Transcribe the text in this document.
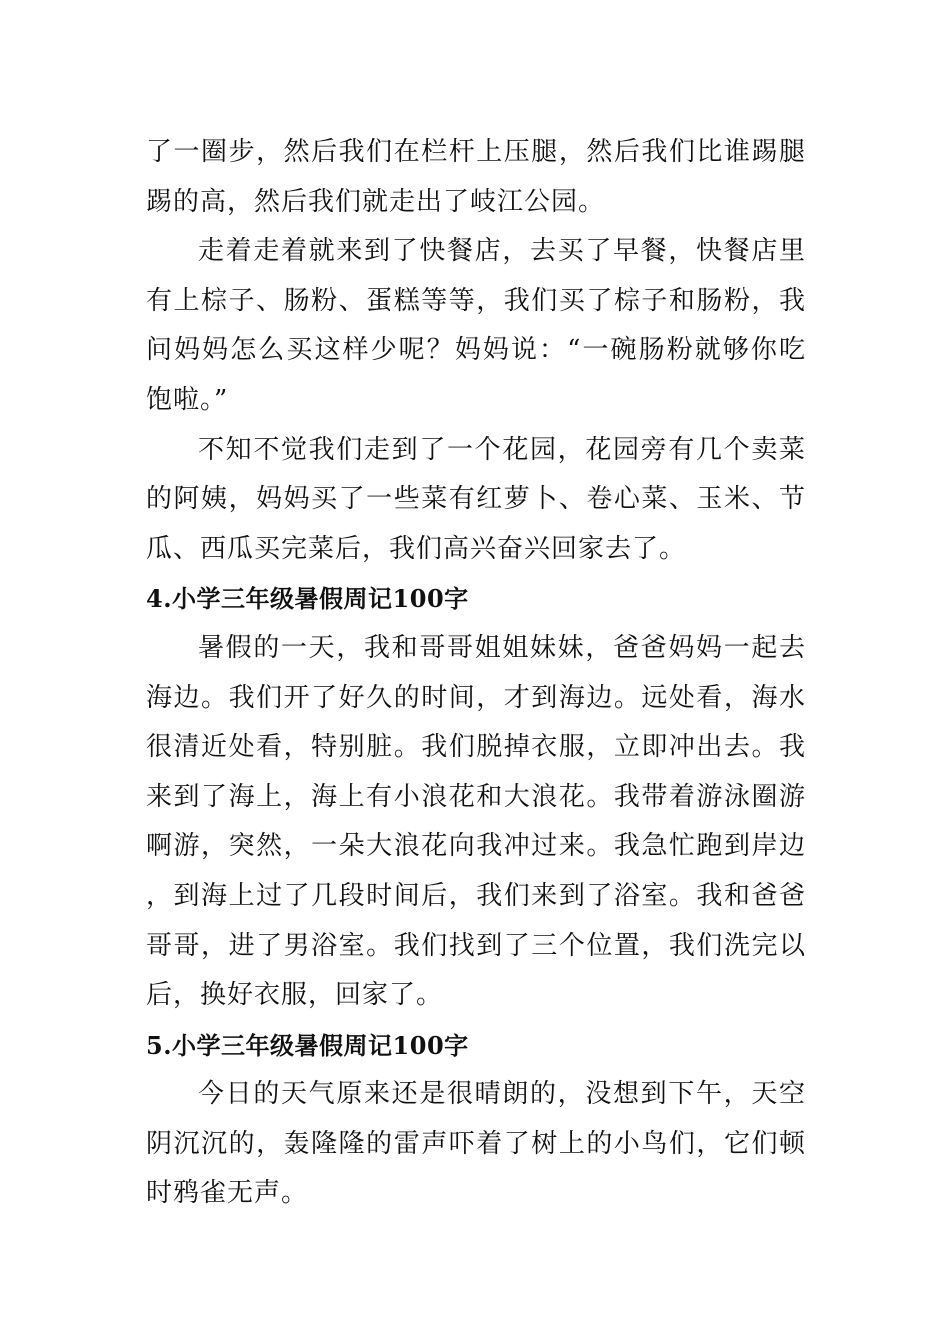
了一圈步，然后我们在栏杆上压腿，然后我们比谁踢腿踢的高，然后我们就走出了岐江公园。

走着走着就来到了快餐店，去买了早餐，快餐店里有上棕子、肠粉、蛋糕等等，我们买了棕子和肠粉，我问妈妈怎么买这样少呢？妈妈说：“一碗肠粉就够你吃饱啦。”

不知不觉我们走到了一个花园，花园旁有几个卖菜的阿姨，妈妈买了一些菜有红萝卜、卷心菜、玉米、节瓜、西瓜买完菜后，我们高兴奋兴回家去了。

4.小学三年级暑假周记100字

暑假的一天，我和哥哥姐姐妹妹，爸爸妈妈一起去海边。我们开了好久的时间，才到海边。远处看，海水很清近处看，特别脏。我们脱掉衣服，立即冲出去。我来到了海上，海上有小浪花和大浪花。我带着游泳圈游啊游，突然，一朵大浪花向我冲过来。我急忙跑到岸边，到海上过了几段时间后，我们来到了浴室。我和爸爸哥哥，进了男浴室。我们找到了三个位置，我们洗完以后，换好衣服，回家了。

5.小学三年级暑假周记100字

今日的天气原来还是很晴朗的，没想到下午，天空阴沉沉的，轰隆隆的雷声吓着了树上的小鸟们，它们顿时鸦雀无声。
